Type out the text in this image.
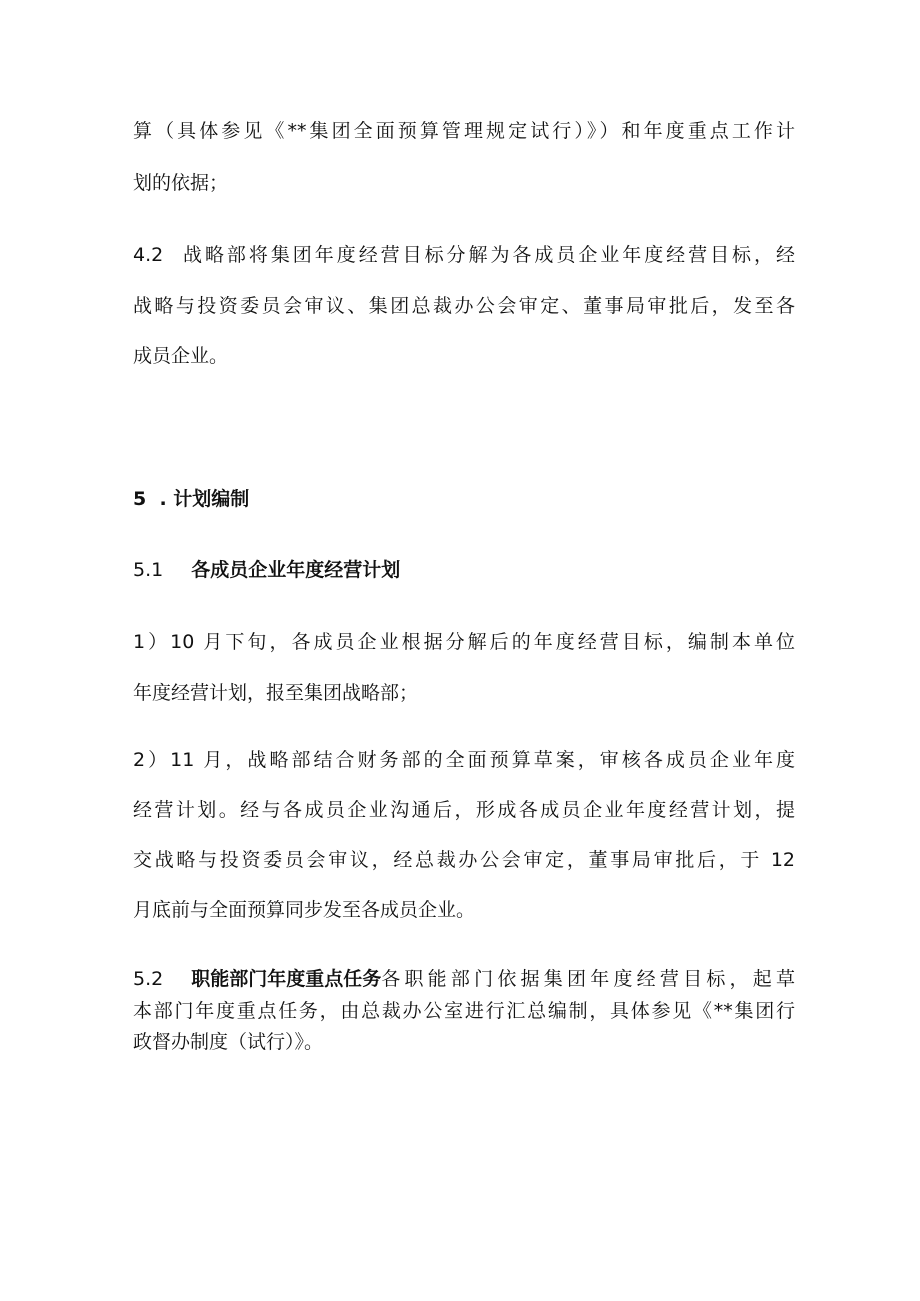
算（具体参见《**集团全面预算管理规定试行）》）和年度重点工作计
划的依据；
4.2 战略部将集团年度经营目标分解为各成员企业年度经营目标，经
战略与投资委员会审议、集团总裁办公会审定、董事局审批后，发至各
成员企业。
5  . 计划编制
5.1 各成员企业年度经营计划
1）10 月下旬，各成员企业根据分解后的年度经营目标，编制本单位
年度经营计划，报至集团战略部；
2）11 月，战略部结合财务部的全面预算草案，审核各成员企业年度
经营计划。经与各成员企业沟通后，形成各成员企业年度经营计划，提
交战略与投资委员会审议，经总裁办公会审定，董事局审批后，于 12
月底前与全面预算同步发至各成员企业。
5.2 职能部门年度重点任务 各职能部门依据集团年度经营目标，起草
本部门年度重点任务，由总裁办公室进行汇总编制，具体参见《**集团行
政督办制度（试行）》。
